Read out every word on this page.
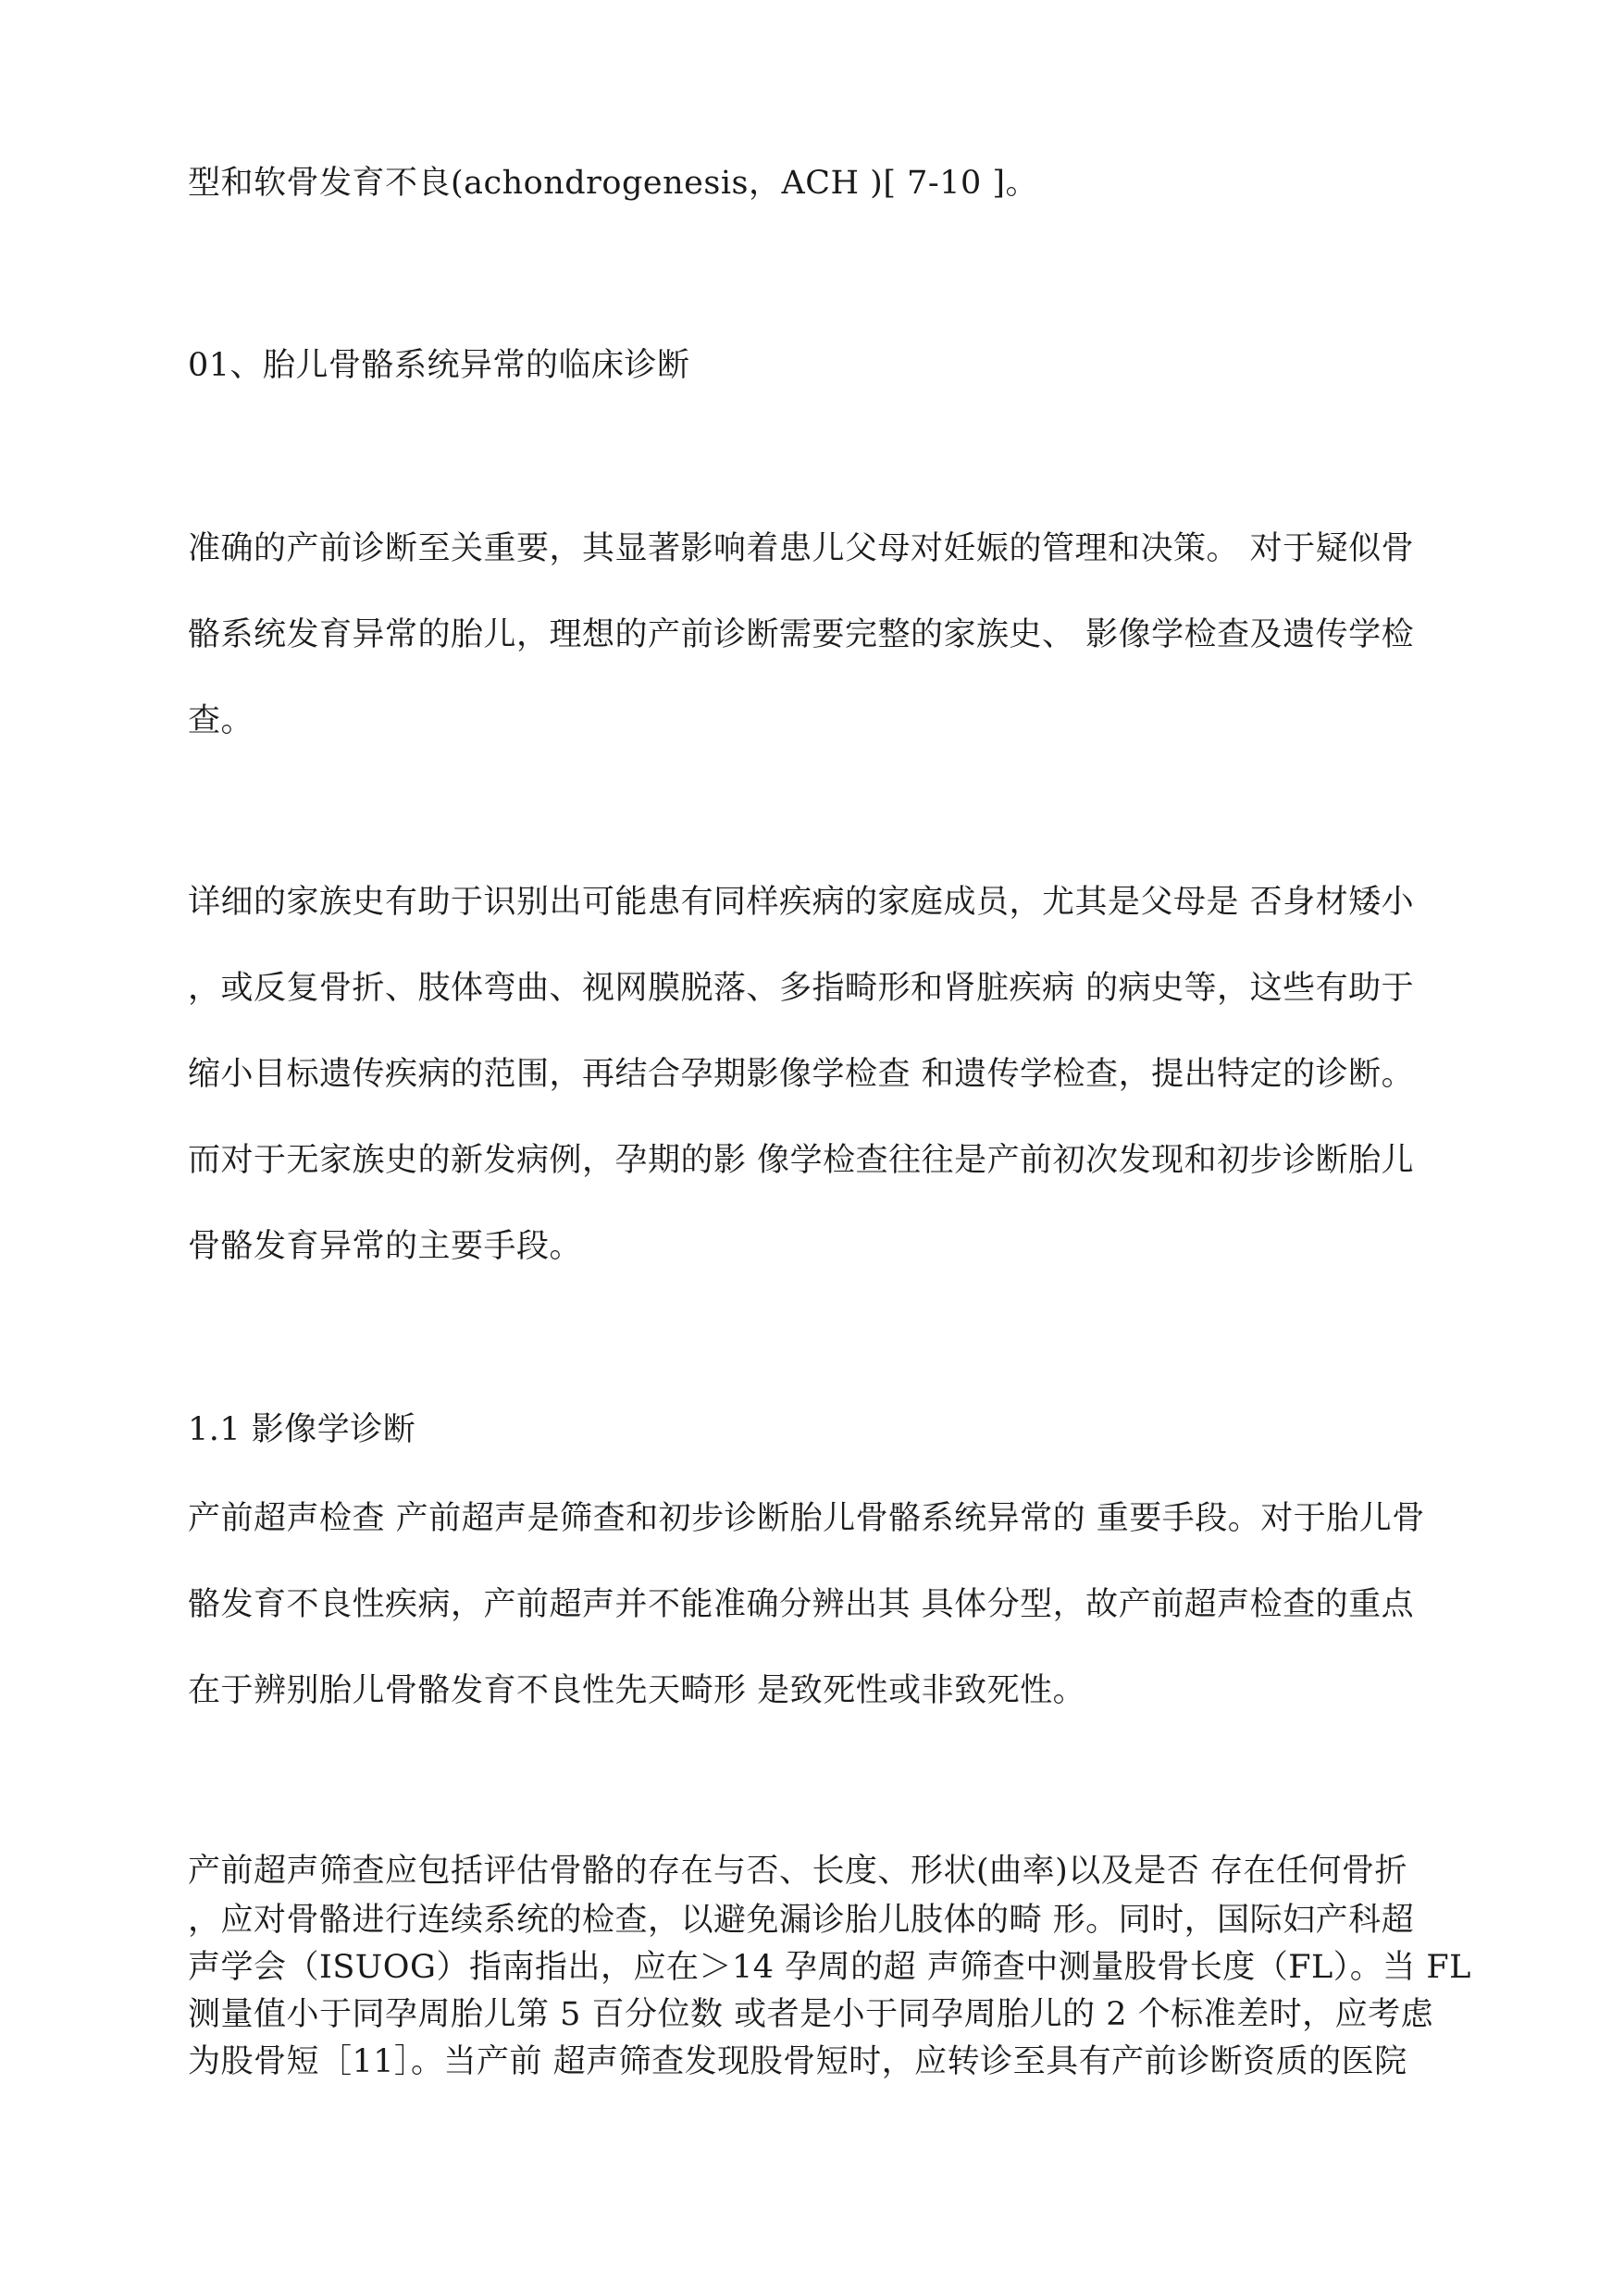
型和软骨发育不良(achondrogenesis，ACH )[ 7-10 ]。
01、胎儿骨骼系统异常的临床诊断
准确的产前诊断至关重要，其显著影响着患儿父母对妊娠的管理和决策。 对于疑似骨
骼系统发育异常的胎儿，理想的产前诊断需要完整的家族史、 影像学检查及遗传学检
查。
详细的家族史有助于识别出可能患有同样疾病的家庭成员，尤其是父母是 否身材矮小
，或反复骨折、肢体弯曲、视网膜脱落、多指畸形和肾脏疾病 的病史等，这些有助于
缩小目标遗传疾病的范围，再结合孕期影像学检查 和遗传学检查，提出特定的诊断。
而对于无家族史的新发病例，孕期的影 像学检查往往是产前初次发现和初步诊断胎儿
骨骼发育异常的主要手段。
1.1 影像学诊断
产前超声检查 产前超声是筛查和初步诊断胎儿骨骼系统异常的 重要手段。对于胎儿骨
骼发育不良性疾病，产前超声并不能准确分辨出其 具体分型，故产前超声检查的重点
在于辨别胎儿骨骼发育不良性先天畸形 是致死性或非致死性。
产前超声筛查应包括评估骨骼的存在与否、长度、形状(曲率)以及是否 存在任何骨折
，应对骨骼进行连续系统的检查，以避免漏诊胎儿肢体的畸 形。同时，国际妇产科超
声学会（ISUOG）指南指出，应在＞14 孕周的超 声筛查中测量股骨长度（FL）。当 FL
测量值小于同孕周胎儿第 5 百分位数 或者是小于同孕周胎儿的 2 个标准差时，应考虑
为股骨短［11］。当产前 超声筛查发现股骨短时，应转诊至具有产前诊断资质的医院
